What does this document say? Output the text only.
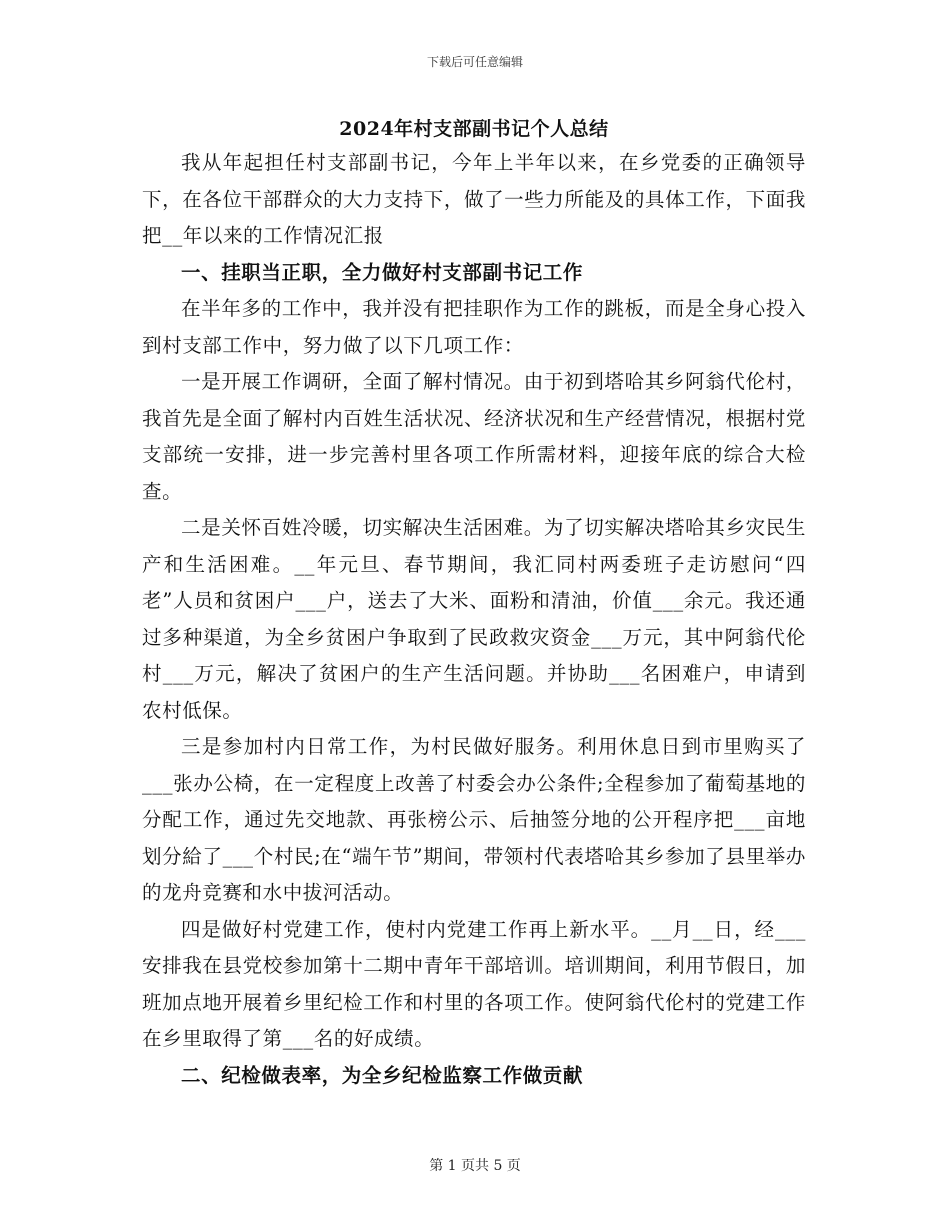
下载后可任意编辑
2024年村支部副书记个人总结

我从年起担任村支部副书记，今年上半年以来，在乡党委的正确领导下，在各位干部群众的大力支持下，做了一些力所能及的具体工作，下面我把__年以来的工作情况汇报

一、挂职当正职，全力做好村支部副书记工作

在半年多的工作中，我并没有把挂职作为工作的跳板，而是全身心投入到村支部工作中，努力做了以下几项工作：

一是开展工作调研，全面了解村情况。由于初到塔哈其乡阿翁代伦村，我首先是全面了解村内百姓生活状况、经济状况和生产经营情况，根据村党支部统一安排，进一步完善村里各项工作所需材料，迎接年底的综合大检查。

二是关怀百姓冷暖，切实解决生活困难。为了切实解决塔哈其乡灾民生产和生活困难。__年元旦、春节期间，我汇同村两委班子走访慰问“四老”人员和贫困户___户，送去了大米、面粉和清油，价值___余元。我还通过多种渠道，为全乡贫困户争取到了民政救灾资金___万元，其中阿翁代伦村___万元，解决了贫困户的生产生活问题。并协助___名困难户，申请到农村低保。

三是参加村内日常工作，为村民做好服务。利用休息日到市里购买了___张办公椅，在一定程度上改善了村委会办公条件;全程参加了葡萄基地的分配工作，通过先交地款、再张榜公示、后抽签分地的公开程序把___亩地划分給了___个村民;在“端午节”期间，带领村代表塔哈其乡参加了县里举办的龙舟竞赛和水中拔河活动。

四是做好村党建工作，使村内党建工作再上新水平。__月__日，经___安排我在县党校参加第十二期中青年干部培训。培训期间，利用节假日，加班加点地开展着乡里纪检工作和村里的各项工作。使阿翁代伦村的党建工作在乡里取得了第___名的好成绩。

二、纪检做表率，为全乡纪检监察工作做贡献

第 1 页共 5 页
